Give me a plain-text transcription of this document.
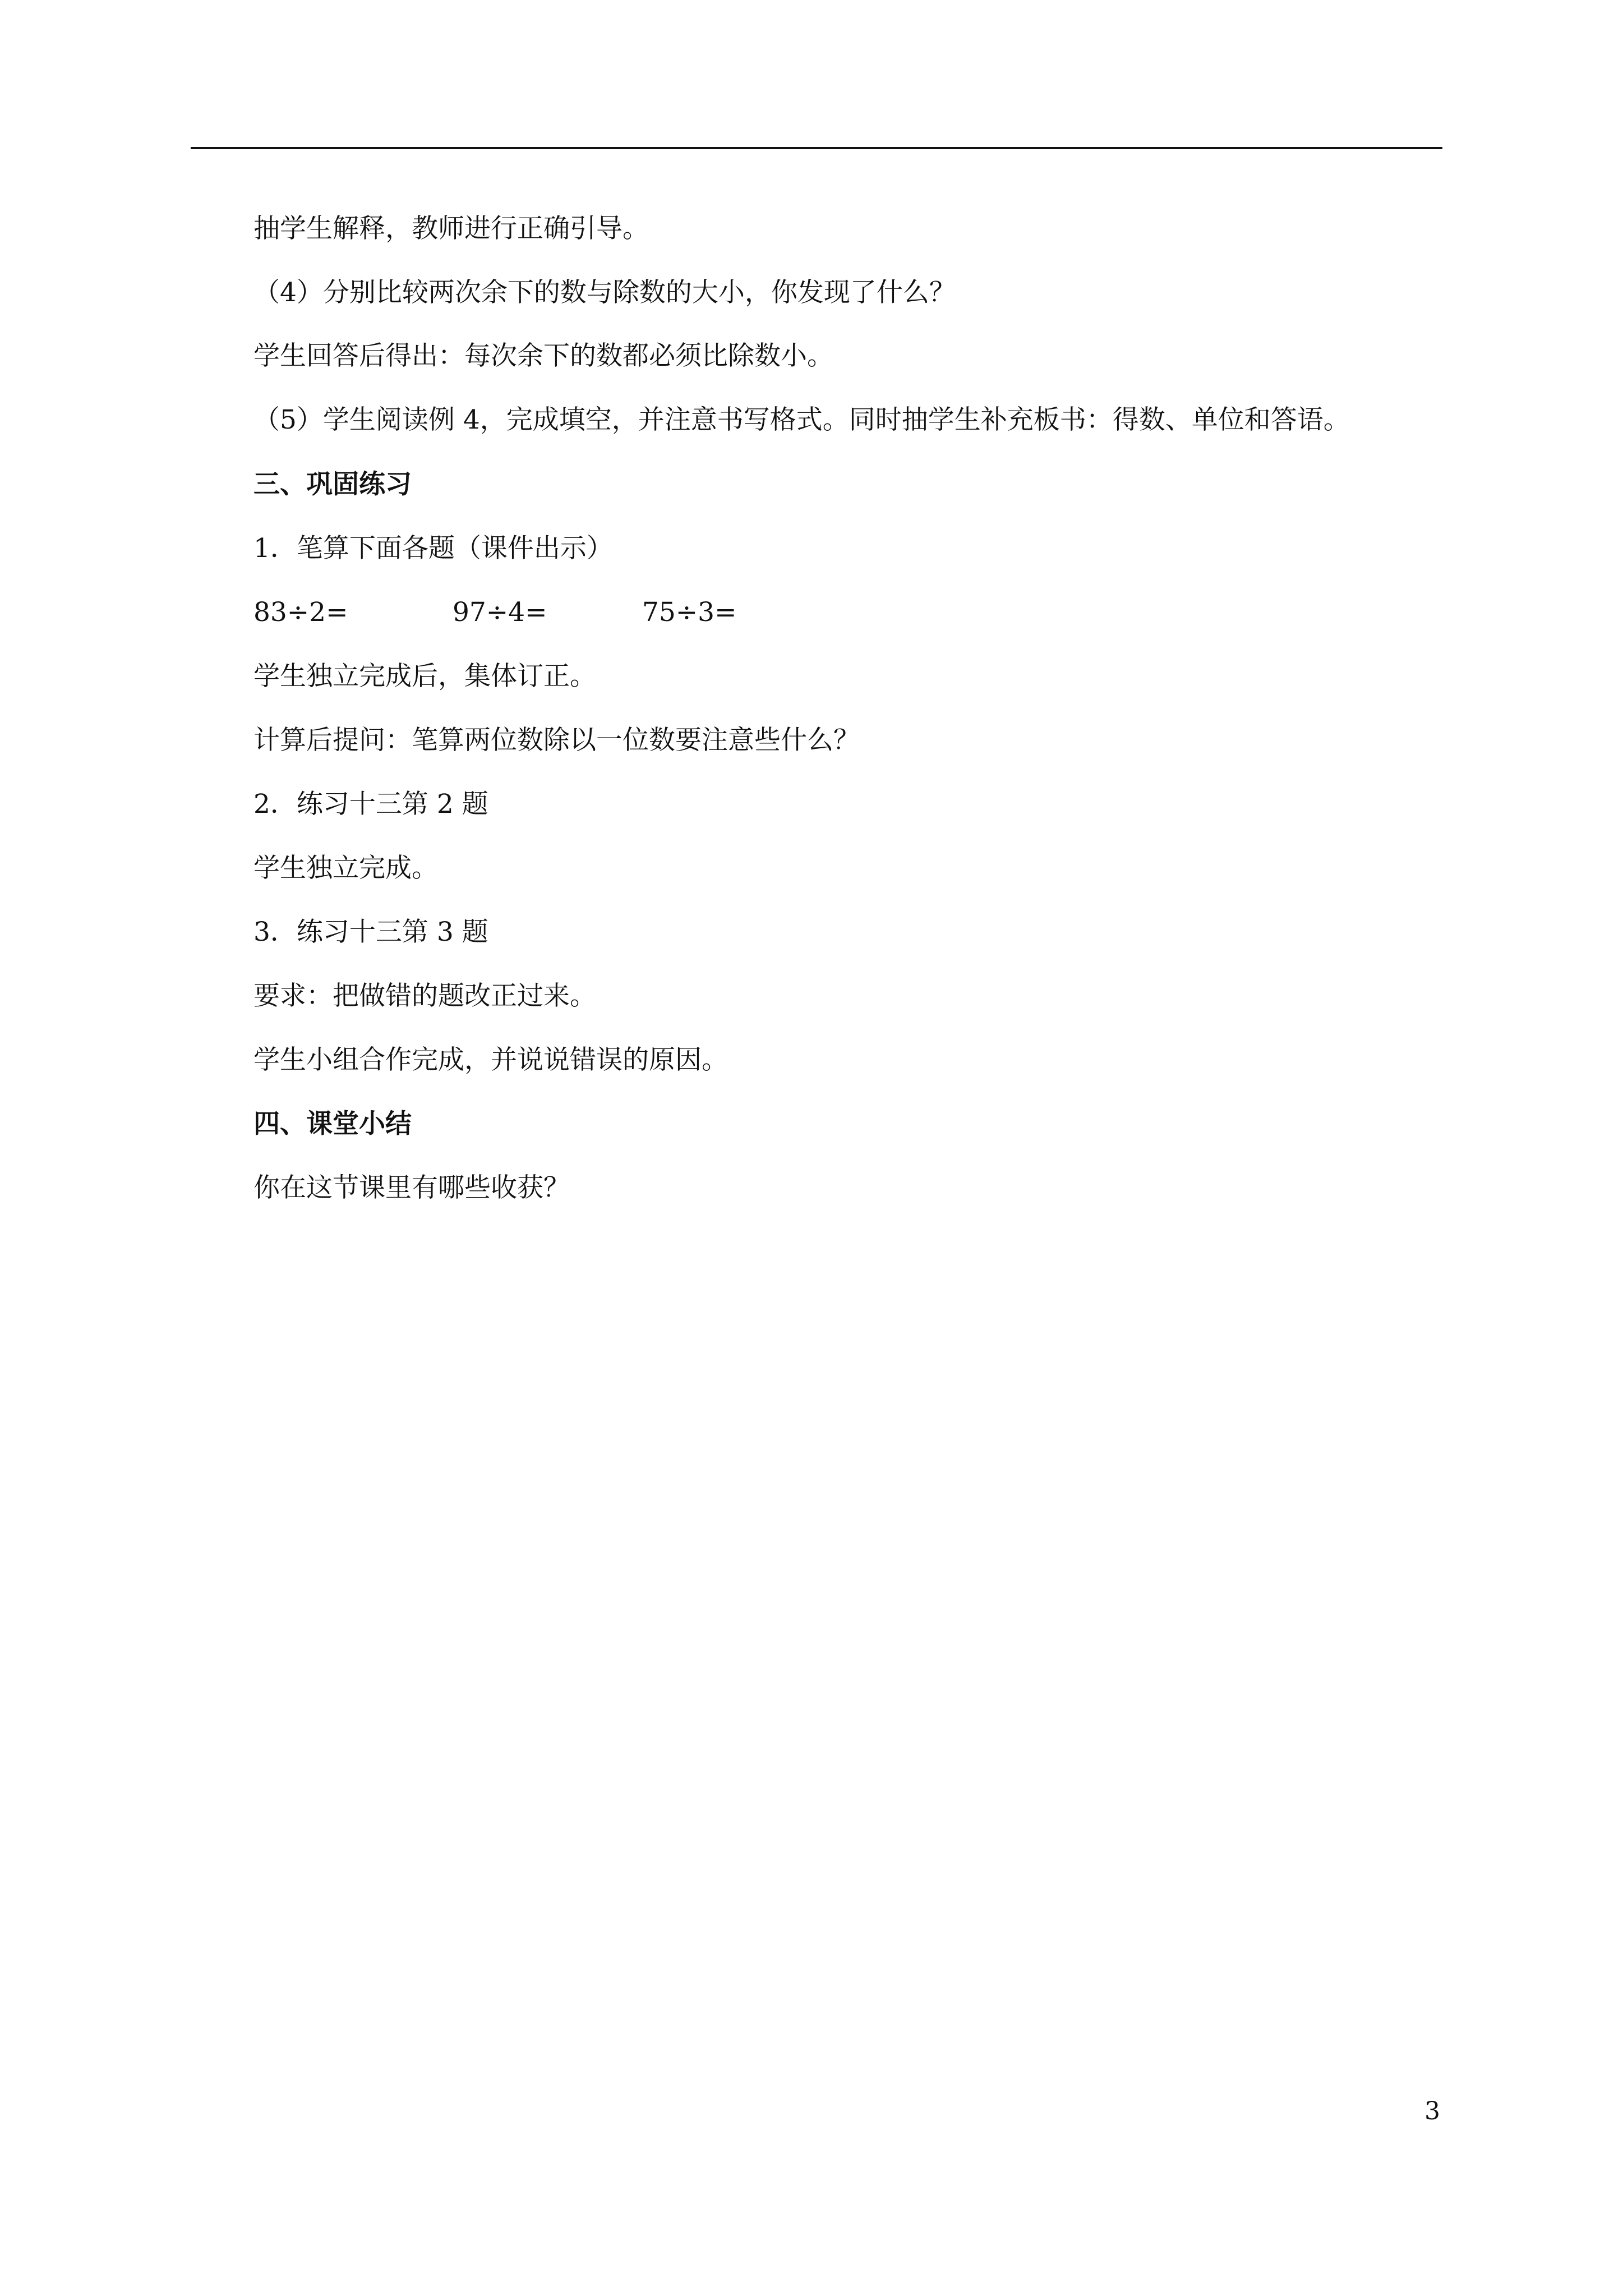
抽学生解释，教师进行正确引导。
（4）分别比较两次余下的数与除数的大小，你发现了什么？
学生回答后得出：每次余下的数都必须比除数小。
（5）学生阅读例 4，完成填空，并注意书写格式。同时抽学生补充板书：得数、单位和答语。
三、巩固练习
1．笔算下面各题（课件出示）
83÷2=	97÷4=	75÷3=
学生独立完成后，集体订正。
计算后提问：笔算两位数除以一位数要注意些什么？
2．练习十三第 2 题
学生独立完成。
3．练习十三第 3 题
要求：把做错的题改正过来。
学生小组合作完成，并说说错误的原因。
四、课堂小结
你在这节课里有哪些收获？
3
